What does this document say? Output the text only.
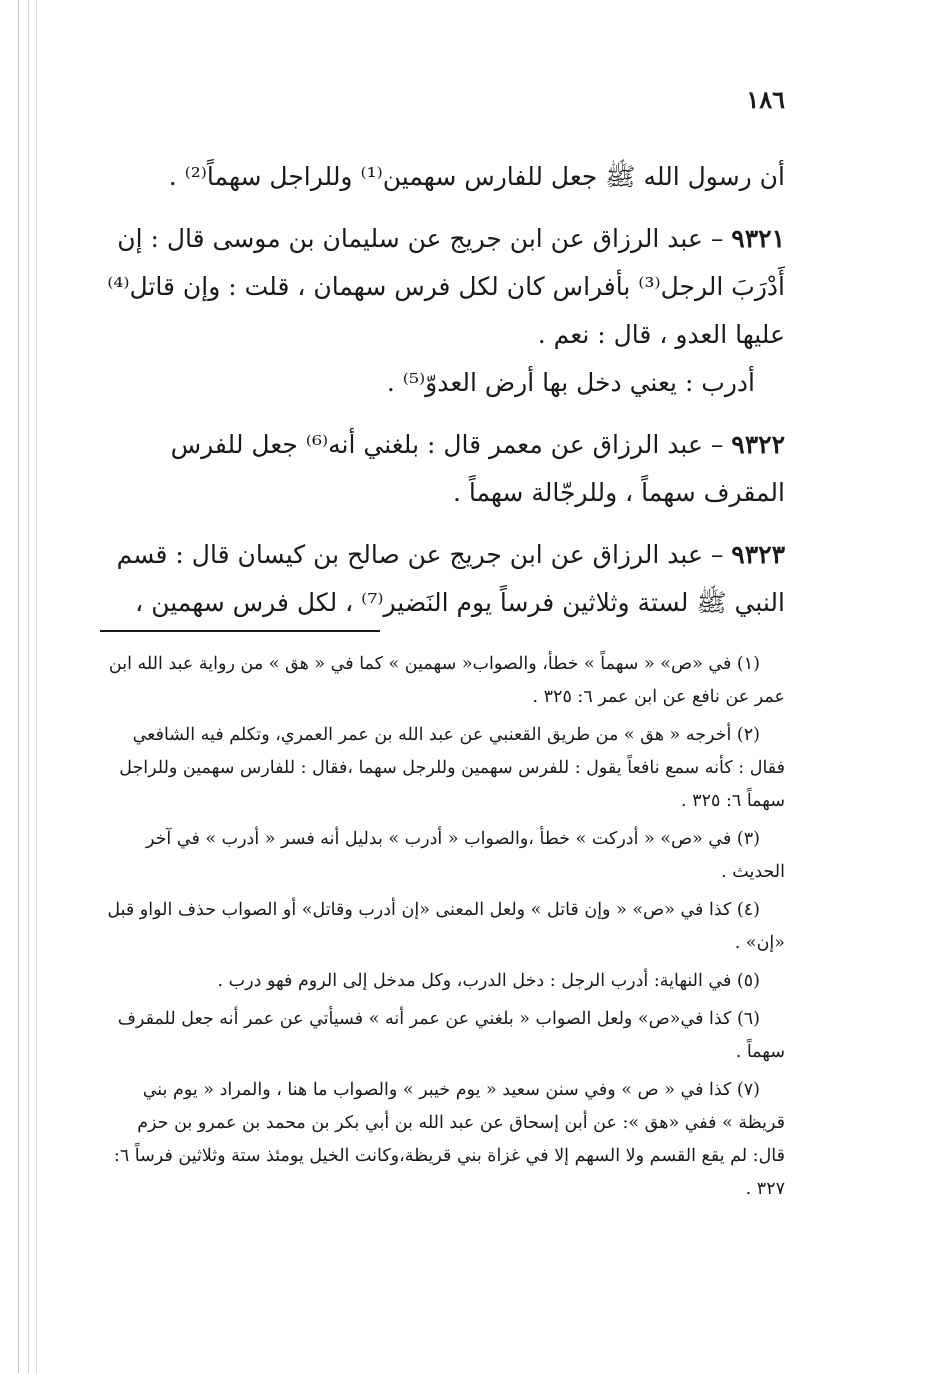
١٨٦

أن رسول الله ﷺ جعل للفارس سهمين⁽¹⁾ وللراجل سهماً⁽²⁾ .

٩٣٢١ – عبد الرزاق عن ابن جريج عن سليمان بن موسى قال : إن أَدْرَبَ الرجل⁽³⁾ بأفراس كان لكل فرس سهمان ، قلت : وإن قاتل⁽⁴⁾ عليها العدو ، قال : نعم .

أدرب : يعني دخل بها أرض العدوّ⁽⁵⁾ .

٩٣٢٢ – عبد الرزاق عن معمر قال : بلغني أنه⁽⁶⁾ جعل للفرس المقرف سهماً ، وللرجّالة سهماً .

٩٣٢٣ – عبد الرزاق عن ابن جريج عن صالح بن كيسان قال : قسم النبي ﷺ لستة وثلاثين فرساً يوم النَضير⁽⁷⁾ ، لكل فرس سهمين ،

(١) في «ص» « سهماً » خطأ، والصواب« سهمين » كما في « هق » من رواية عبد الله ابن عمر عن نافع عن ابن عمر ٦: ٣٢٥ .

(٢) أخرجه « هق » من طريق القعنبي عن عبد الله بن عمر العمري، وتكلم فيه الشافعي فقال : كأنه سمع نافعاً يقول : للفرس سهمين وللرجل سهما ،فقال : للفارس سهمين وللراجل سهماً ٦: ٣٢٥ .

(٣) في «ص» « أدركت » خطأ ،والصواب « أدرب » بدليل أنه فسر « أدرب » في آخر الحديث .

(٤) كذا في «ص» « وإن قاتل » ولعل المعنى «إن أدرب وقاتل» أو الصواب حذف الواو قبل «إن» .

(٥) في النهاية: أدرب الرجل : دخل الدرب، وكل مدخل إلى الروم فهو درب .

(٦) كذا في«ص» ولعل الصواب « بلغني عن عمر أنه » فسيأتي عن عمر أنه جعل للمقرف سهماً .

(٧) كذا في « ص » وفي سنن سعيد « يوم خيبر » والصواب ما هنا ، والمراد « يوم بني قريظة » ففي «هق »: عن أبن إسحاق عن عبد الله بن أبي بكر بن محمد بن عمرو بن حزم قال: لم يقع القسم ولا السهم إلا في غزاة بني قريظة،وكانت الخيل يومئذ ستة وثلاثين فرساً ٦: ٣٢٧ .
